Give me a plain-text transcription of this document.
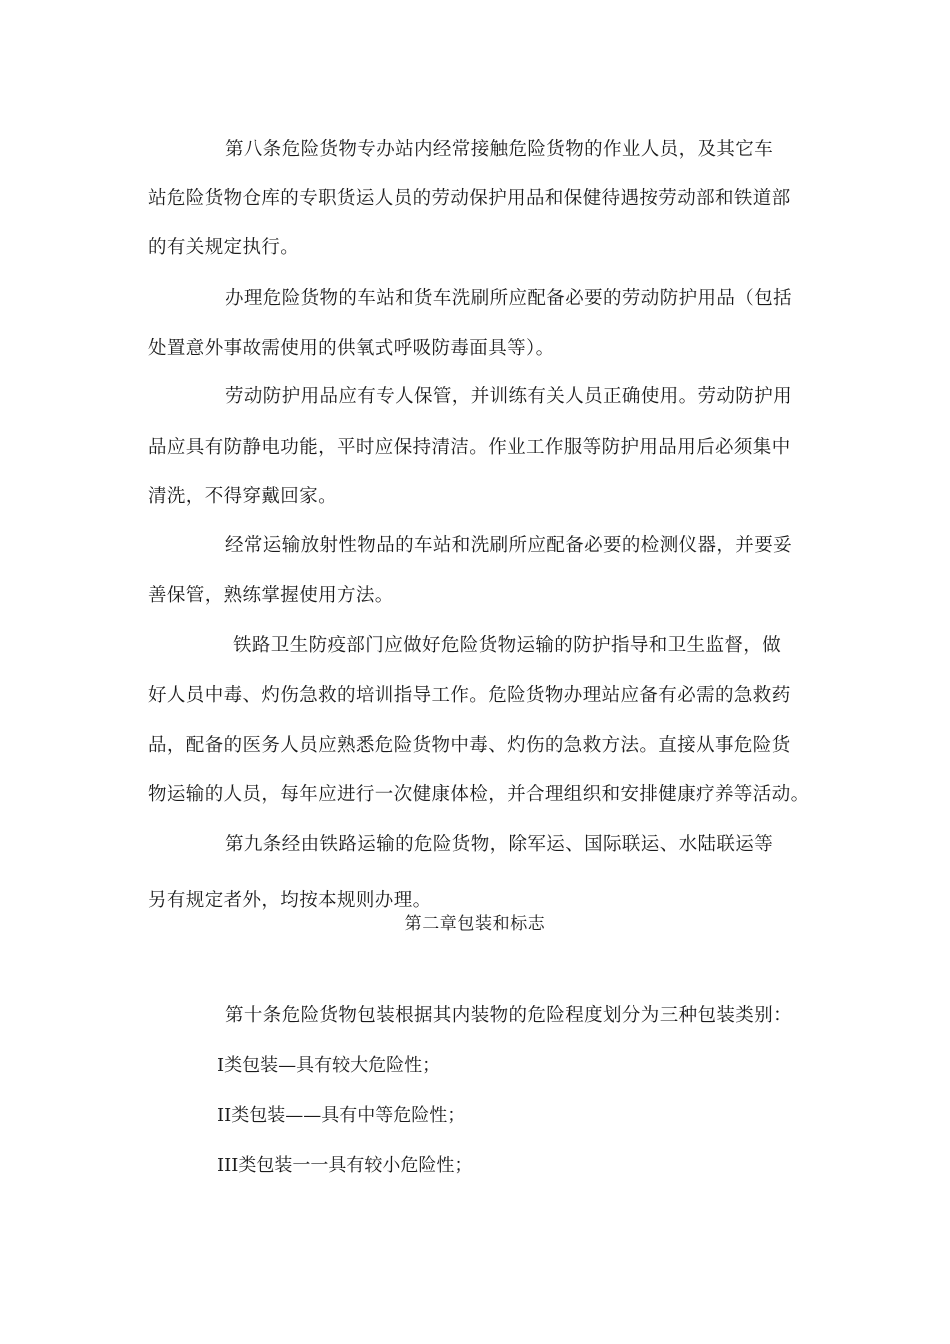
第八条危险货物专办站内经常接触危险货物的作业人员，及其它车
站危险货物仓库的专职货运人员的劳动保护用品和保健待遇按劳动部和铁道部
的有关规定执行。
办理危险货物的车站和货车洗刷所应配备必要的劳动防护用品（包括
处置意外事故需使用的供氧式呼吸防毒面具等）。
劳动防护用品应有专人保管，并训练有关人员正确使用。劳动防护用
品应具有防静电功能，平时应保持清洁。作业工作服等防护用品用后必须集中
清洗，不得穿戴回家。
经常运输放射性物品的车站和洗刷所应配备必要的检测仪器，并要妥
善保管，熟练掌握使用方法。
铁路卫生防疫部门应做好危险货物运输的防护指导和卫生监督，做
好人员中毒、灼伤急救的培训指导工作。危险货物办理站应备有必需的急救药
品，配备的医务人员应熟悉危险货物中毒、灼伤的急救方法。直接从事危险货
物运输的人员，每年应进行一次健康体检，并合理组织和安排健康疗养等活动。
第九条经由铁路运输的危险货物，除军运、国际联运、水陆联运等
另有规定者外，均按本规则办理。
第二章包装和标志
第十条危险货物包装根据其内装物的危险程度划分为三种包装类别：
I类包装—具有较大危险性；
II类包装——具有中等危险性；
III类包装一一具有较小危险性；
